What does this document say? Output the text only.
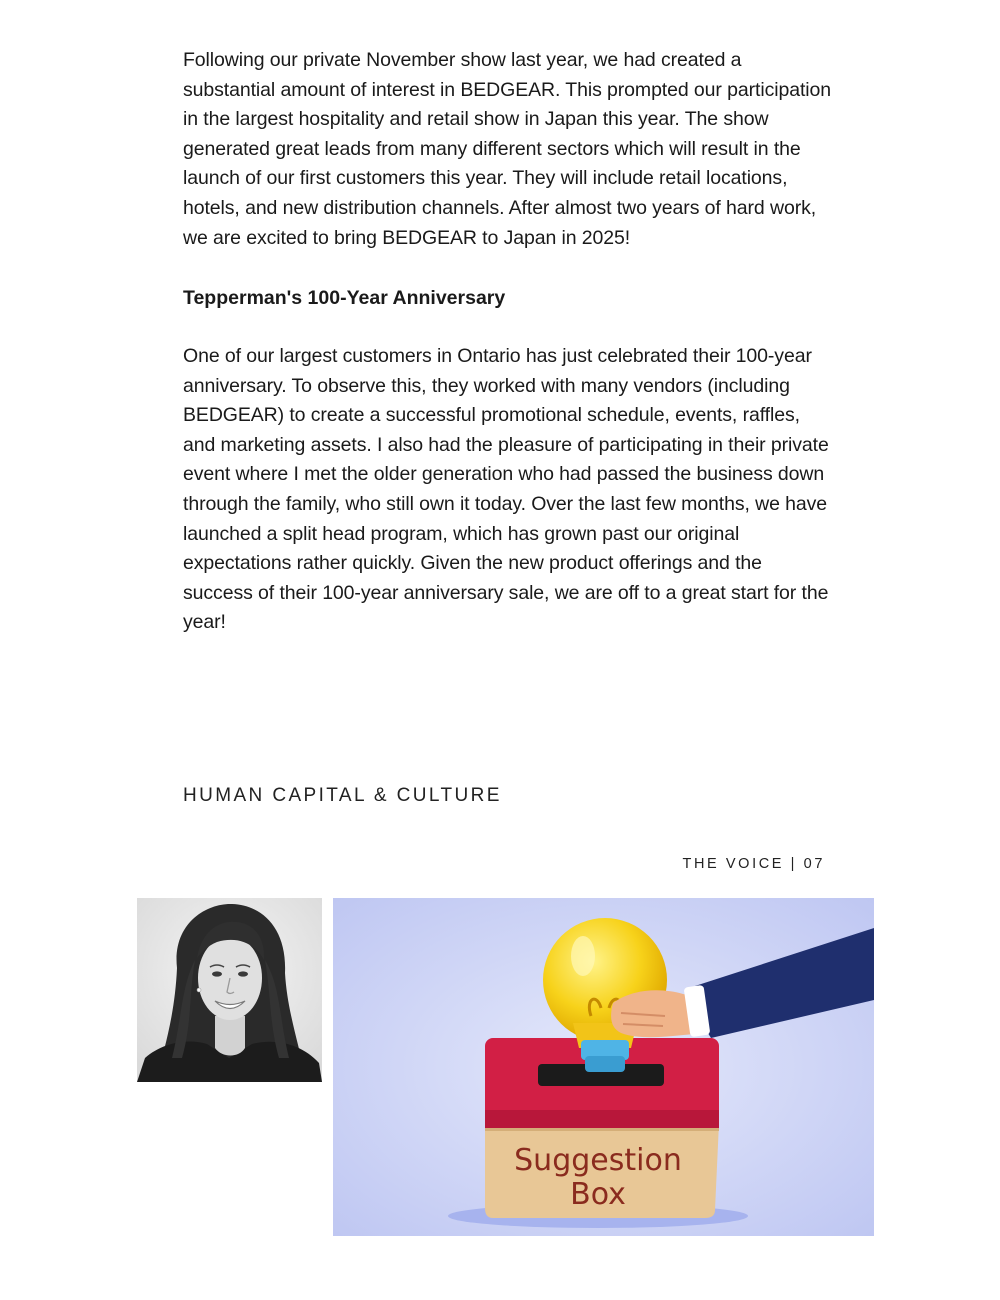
Following our private November show last year, we had created a substantial amount of interest in BEDGEAR. This prompted our participation in the largest hospitality and retail show in Japan this year. The show generated great leads from many different sectors which will result in the launch of our first customers this year. They will include retail locations, hotels, and new distribution channels. After almost two years of hard work, we are excited to bring BEDGEAR to Japan in 2025!

Tepperman's 100-Year Anniversary

One of our largest customers in Ontario has just celebrated their 100-year anniversary. To observe this, they worked with many vendors (including BEDGEAR) to create a successful promotional schedule, events, raffles, and marketing assets. I also had the pleasure of participating in their private event where I met the older generation who had passed the business down through the family, who still own it today. Over the last few months, we have launched a split head program, which has grown past our original expectations rather quickly. Given the new product offerings and the success of their 100-year anniversary sale, we are off to a great start for the year!

HUMAN CAPITAL & CULTURE
THE VOICE | 07
Suggestion
Box
